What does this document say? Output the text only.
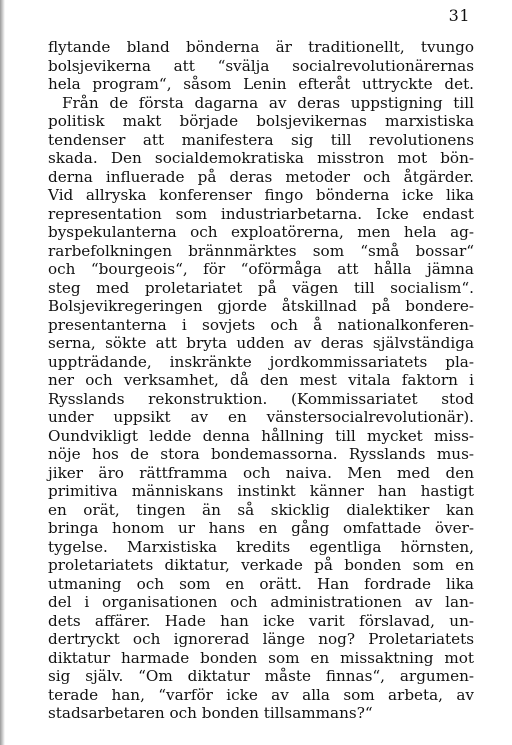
31
flytande bland bönderna är traditionellt, tvungo
bolsjevikerna att “svälja socialrevolutionärernas
hela program“, såsom Lenin efteråt uttryckte det.
Från de första dagarna av deras uppstigning till
politisk makt började bolsjevikernas marxistiska
tendenser att manifestera sig till revolutionens
skada. Den socialdemokratiska misstron mot bön-
derna influerade på deras metoder och åtgärder.
Vid allryska konferenser fingo bönderna icke lika
representation som industriarbetarna. Icke endast
byspekulanterna och exploatörerna, men hela ag-
rarbefolkningen brännmärktes som “små bossar“
och “bourgeois“, för “oförmåga att hålla jämna
steg med proletariatet på vägen till socialism“.
Bolsjevikregeringen gjorde åtskillnad på bondere-
presentanterna i sovjets och å nationalkonferen-
serna, sökte att bryta udden av deras självständiga
uppträdande, inskränkte jordkommissariatets pla-
ner och verksamhet, då den mest vitala faktorn i
Rysslands rekonstruktion. (Kommissariatet stod
under uppsikt av en vänstersocialrevolutionär).
Oundvikligt ledde denna hållning till mycket miss-
nöje hos de stora bondemassorna. Rysslands mus-
jiker äro rättframma och naiva. Men med den
primitiva människans instinkt känner han hastigt
en orät, tingen än så skicklig dialektiker kan
bringa honom ur hans en gång omfattade över-
tygelse. Marxistiska kredits egentliga hörnsten,
proletariatets diktatur, verkade på bonden som en
utmaning och som en orätt. Han fordrade lika
del i organisationen och administrationen av lan-
dets affärer. Hade han icke varit förslavad, un-
dertryckt och ignorerad länge nog? Proletariatets
diktatur harmade bonden som en missaktning mot
sig själv. “Om diktatur måste finnas“, argumen-
terade han, “varför icke av alla som arbeta, av
stadsarbetaren och bonden tillsammans?“
